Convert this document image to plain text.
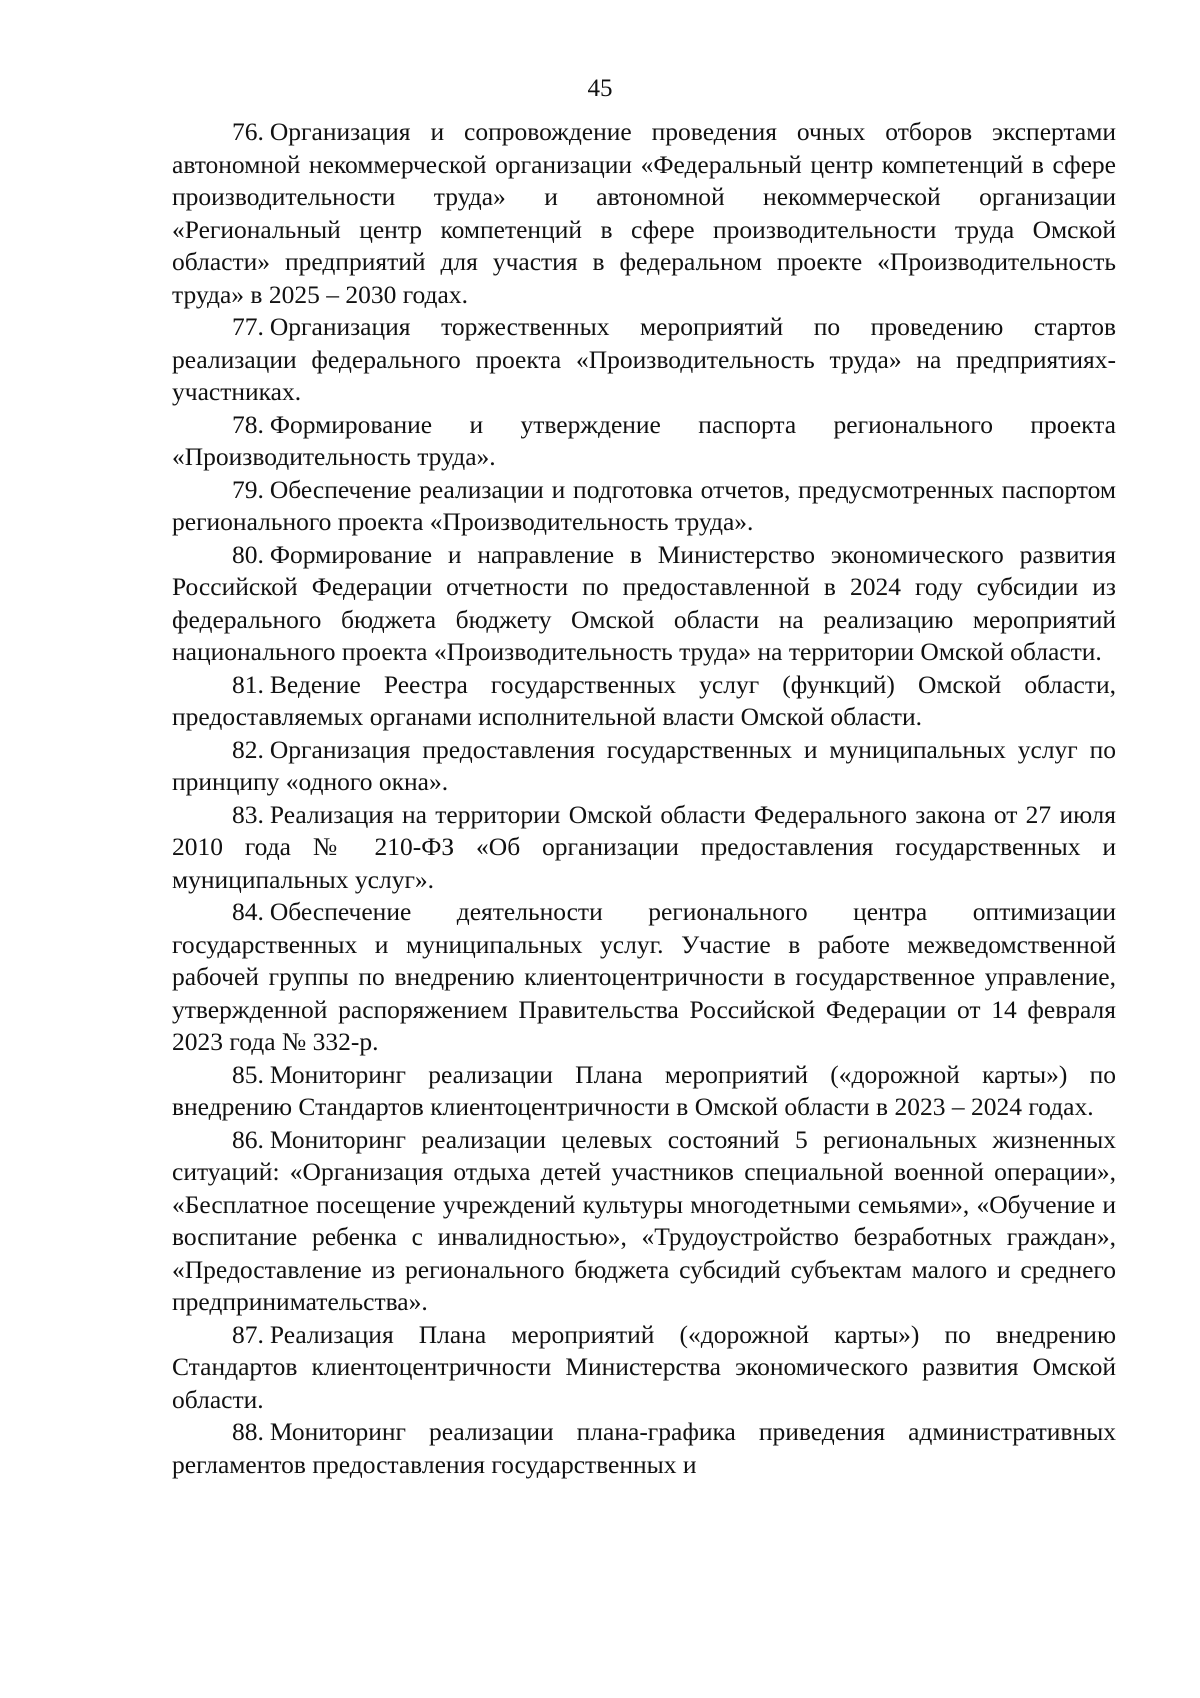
45

76. Организация и сопровождение проведения очных отборов экспертами автономной некоммерческой организации «Федеральный центр компетенций в сфере производительности труда» и автономной некоммерческой организации «Региональный центр компетенций в сфере производительности труда Омской области» предприятий для участия в федеральном проекте «Производительность труда» в 2025 – 2030 годах.

77. Организация торжественных мероприятий по проведению стартов реализации федерального проекта «Производительность труда» на предприятиях-участниках.

78. Формирование и утверждение паспорта регионального проекта «Производительность труда».

79. Обеспечение реализации и подготовка отчетов, предусмотренных паспортом регионального проекта «Производительность труда».

80. Формирование и направление в Министерство экономического развития Российской Федерации отчетности по предоставленной в 2024 году субсидии из федерального бюджета бюджету Омской области на реализацию мероприятий национального проекта «Производительность труда» на территории Омской области.

81. Ведение Реестра государственных услуг (функций) Омской области, предоставляемых органами исполнительной власти Омской области.

82. Организация предоставления государственных и муниципальных услуг по принципу «одного окна».

83. Реализация на территории Омской области Федерального закона от 27 июля 2010 года № 210-ФЗ «Об организации предоставления государственных и муниципальных услуг».

84. Обеспечение деятельности регионального центра оптимизации государственных и муниципальных услуг. Участие в работе межведомственной рабочей группы по внедрению клиентоцентричности в государственное управление, утвержденной распоряжением Правительства Российской Федерации от 14 февраля 2023 года № 332-р.

85. Мониторинг реализации Плана мероприятий («дорожной карты») по внедрению Стандартов клиентоцентричности в Омской области в 2023 – 2024 годах.

86. Мониторинг реализации целевых состояний 5 региональных жизненных ситуаций: «Организация отдыха детей участников специальной военной операции», «Бесплатное посещение учреждений культуры многодетными семьями», «Обучение и воспитание ребенка с инвалидностью», «Трудоустройство безработных граждан», «Предоставление из регионального бюджета субсидий субъектам малого и среднего предпринимательства».

87. Реализация Плана мероприятий («дорожной карты») по внедрению Стандартов клиентоцентричности Министерства экономического развития Омской области.

88. Мониторинг реализации плана-графика приведения административных регламентов предоставления государственных и
